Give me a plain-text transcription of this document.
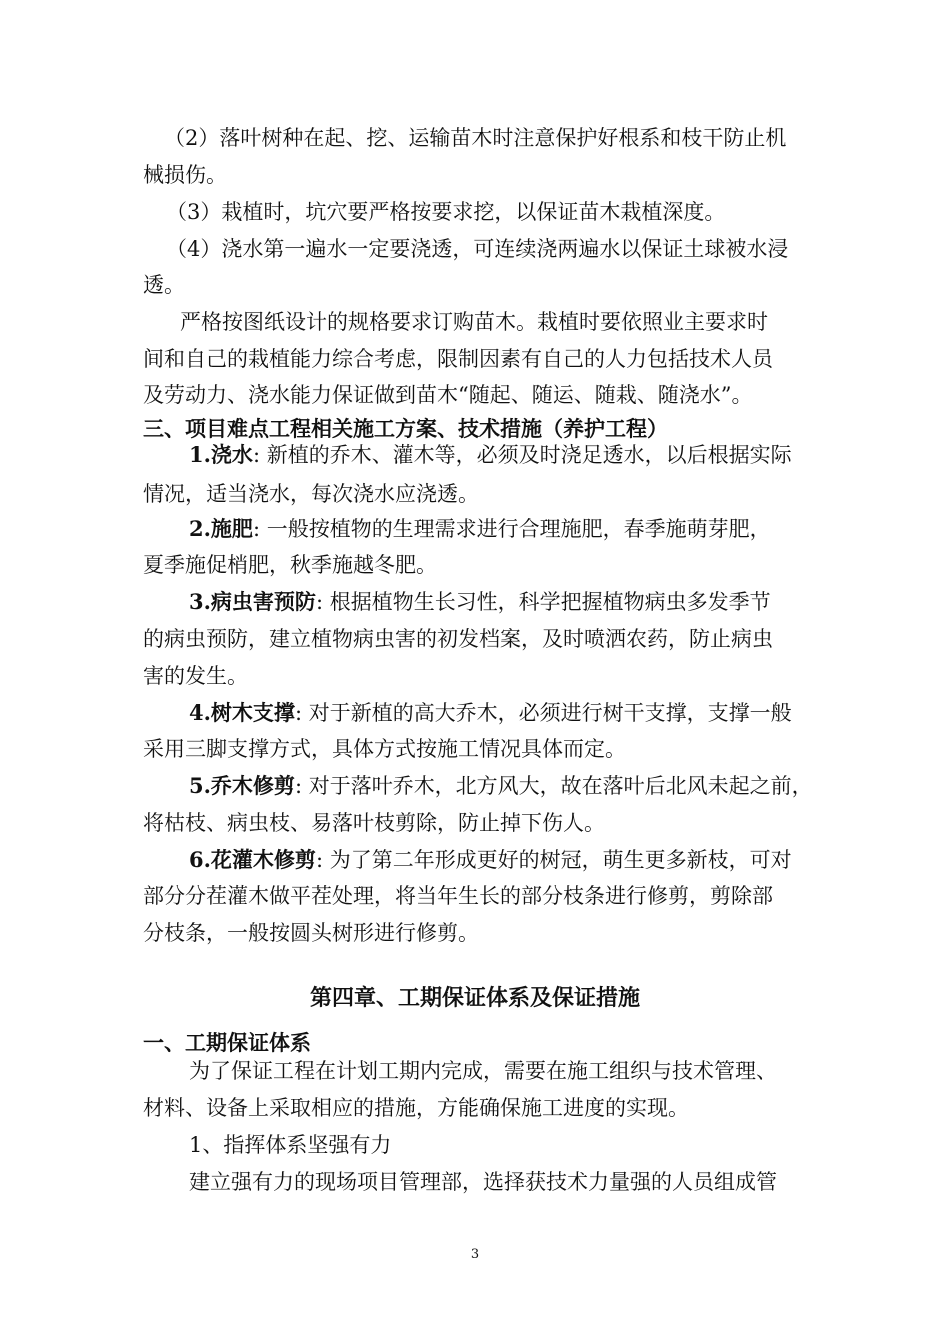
（2）落叶树种在起、挖、运输苗木时注意保护好根系和枝干防止机
械损伤。
（3）栽植时，坑穴要严格按要求挖，以保证苗木栽植深度。
（4）浇水第一遍水一定要浇透，可连续浇两遍水以保证土球被水浸
透。
严格按图纸设计的规格要求订购苗木。栽植时要依照业主要求时
间和自己的栽植能力综合考虑，限制因素有自己的人力包括技术人员
及劳动力、浇水能力保证做到苗木“随起、随运、随栽、随浇水”。
三、项目难点工程相关施工方案、技术措施（养护工程）
1.浇水: 新植的乔木、灌木等，必须及时浇足透水，以后根据实际
情况，适当浇水，每次浇水应浇透。
2.施肥: 一般按植物的生理需求进行合理施肥，春季施萌芽肥，
夏季施促梢肥，秋季施越冬肥。
3.病虫害预防: 根据植物生长习性，科学把握植物病虫多发季节
的病虫预防，建立植物病虫害的初发档案，及时喷洒农药，防止病虫
害的发生。
4.树木支撑: 对于新植的高大乔木，必须进行树干支撑，支撑一般
采用三脚支撑方式，具体方式按施工情况具体而定。
5.乔木修剪: 对于落叶乔木，北方风大，故在落叶后北风未起之前，
将枯枝、病虫枝、易落叶枝剪除，防止掉下伤人。
6.花灌木修剪: 为了第二年形成更好的树冠，萌生更多新枝，可对
部分分茬灌木做平茬处理，将当年生长的部分枝条进行修剪，剪除部
分枝条，一般按圆头树形进行修剪。
第四章、工期保证体系及保证措施
一、工期保证体系
为了保证工程在计划工期内完成，需要在施工组织与技术管理、
材料、设备上采取相应的措施，方能确保施工进度的实现。
1、指挥体系坚强有力
建立强有力的现场项目管理部，选择获技术力量强的人员组成管
3
